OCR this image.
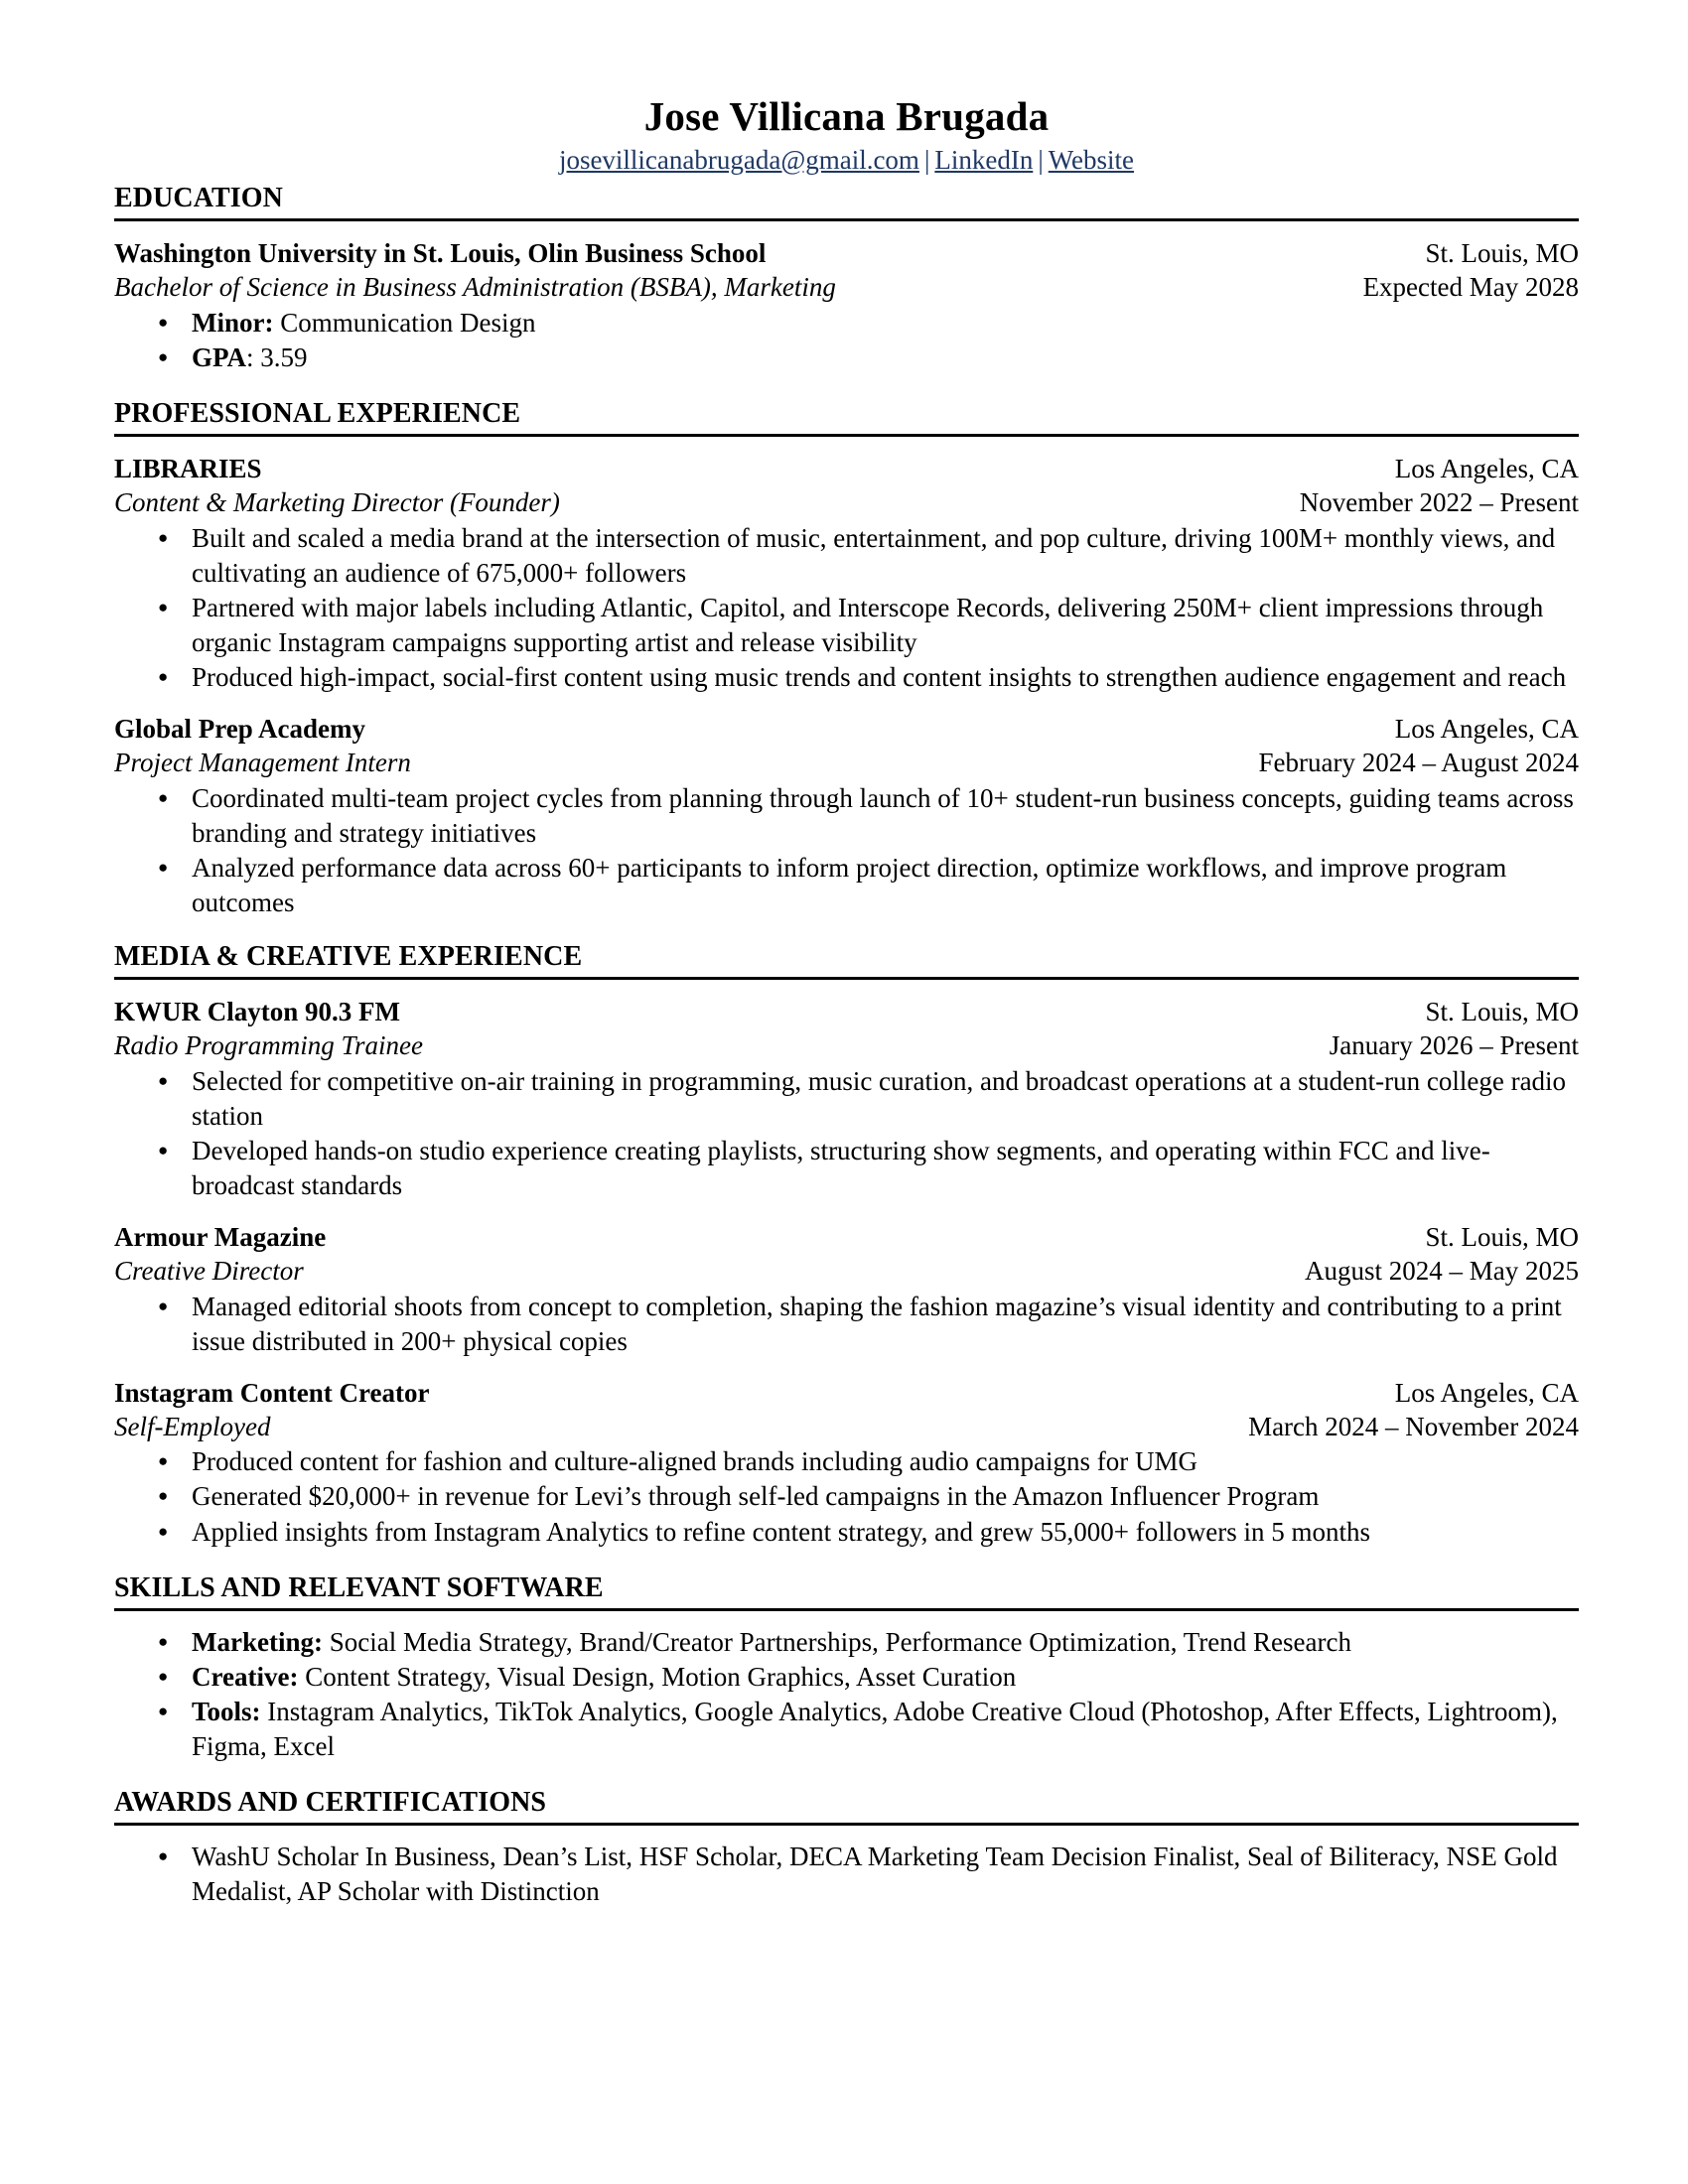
Jose Villicana Brugada
josevillicanabrugada@gmail.com | LinkedIn | Website
EDUCATION
Washington University in St. Louis, Olin Business School	St. Louis, MO
Bachelor of Science in Business Administration (BSBA), Marketing	Expected May 2028
● Minor: Communication Design
● GPA: 3.59
PROFESSIONAL EXPERIENCE
LIBRARIES	Los Angeles, CA
Content & Marketing Director (Founder)	November 2022 – Present
● Built and scaled a media brand at the intersection of music, entertainment, and pop culture, driving 100M+ monthly views, and cultivating an audience of 675,000+ followers
● Partnered with major labels including Atlantic, Capitol, and Interscope Records, delivering 250M+ client impressions through organic Instagram campaigns supporting artist and release visibility
● Produced high-impact, social-first content using music trends and content insights to strengthen audience engagement and reach
Global Prep Academy	Los Angeles, CA
Project Management Intern	February 2024 – August 2024
● Coordinated multi-team project cycles from planning through launch of 10+ student-run business concepts, guiding teams across branding and strategy initiatives
● Analyzed performance data across 60+ participants to inform project direction, optimize workflows, and improve program outcomes
MEDIA & CREATIVE EXPERIENCE
KWUR Clayton 90.3 FM	St. Louis, MO
Radio Programming Trainee	January 2026 – Present
● Selected for competitive on-air training in programming, music curation, and broadcast operations at a student-run college radio station
● Developed hands-on studio experience creating playlists, structuring show segments, and operating within FCC and live-broadcast standards
Armour Magazine	St. Louis, MO
Creative Director	August 2024 – May 2025
● Managed editorial shoots from concept to completion, shaping the fashion magazine’s visual identity and contributing to a print issue distributed in 200+ physical copies
Instagram Content Creator	Los Angeles, CA
Self-Employed	March 2024 – November 2024
● Produced content for fashion and culture-aligned brands including audio campaigns for UMG
● Generated $20,000+ in revenue for Levi’s through self-led campaigns in the Amazon Influencer Program
● Applied insights from Instagram Analytics to refine content strategy, and grew 55,000+ followers in 5 months
SKILLS AND RELEVANT SOFTWARE
● Marketing: Social Media Strategy, Brand/Creator Partnerships, Performance Optimization, Trend Research
● Creative: Content Strategy, Visual Design, Motion Graphics, Asset Curation
● Tools: Instagram Analytics, TikTok Analytics, Google Analytics, Adobe Creative Cloud (Photoshop, After Effects, Lightroom), Figma, Excel
AWARDS AND CERTIFICATIONS
● WashU Scholar In Business, Dean’s List, HSF Scholar, DECA Marketing Team Decision Finalist, Seal of Biliteracy, NSE Gold Medalist, AP Scholar with Distinction
